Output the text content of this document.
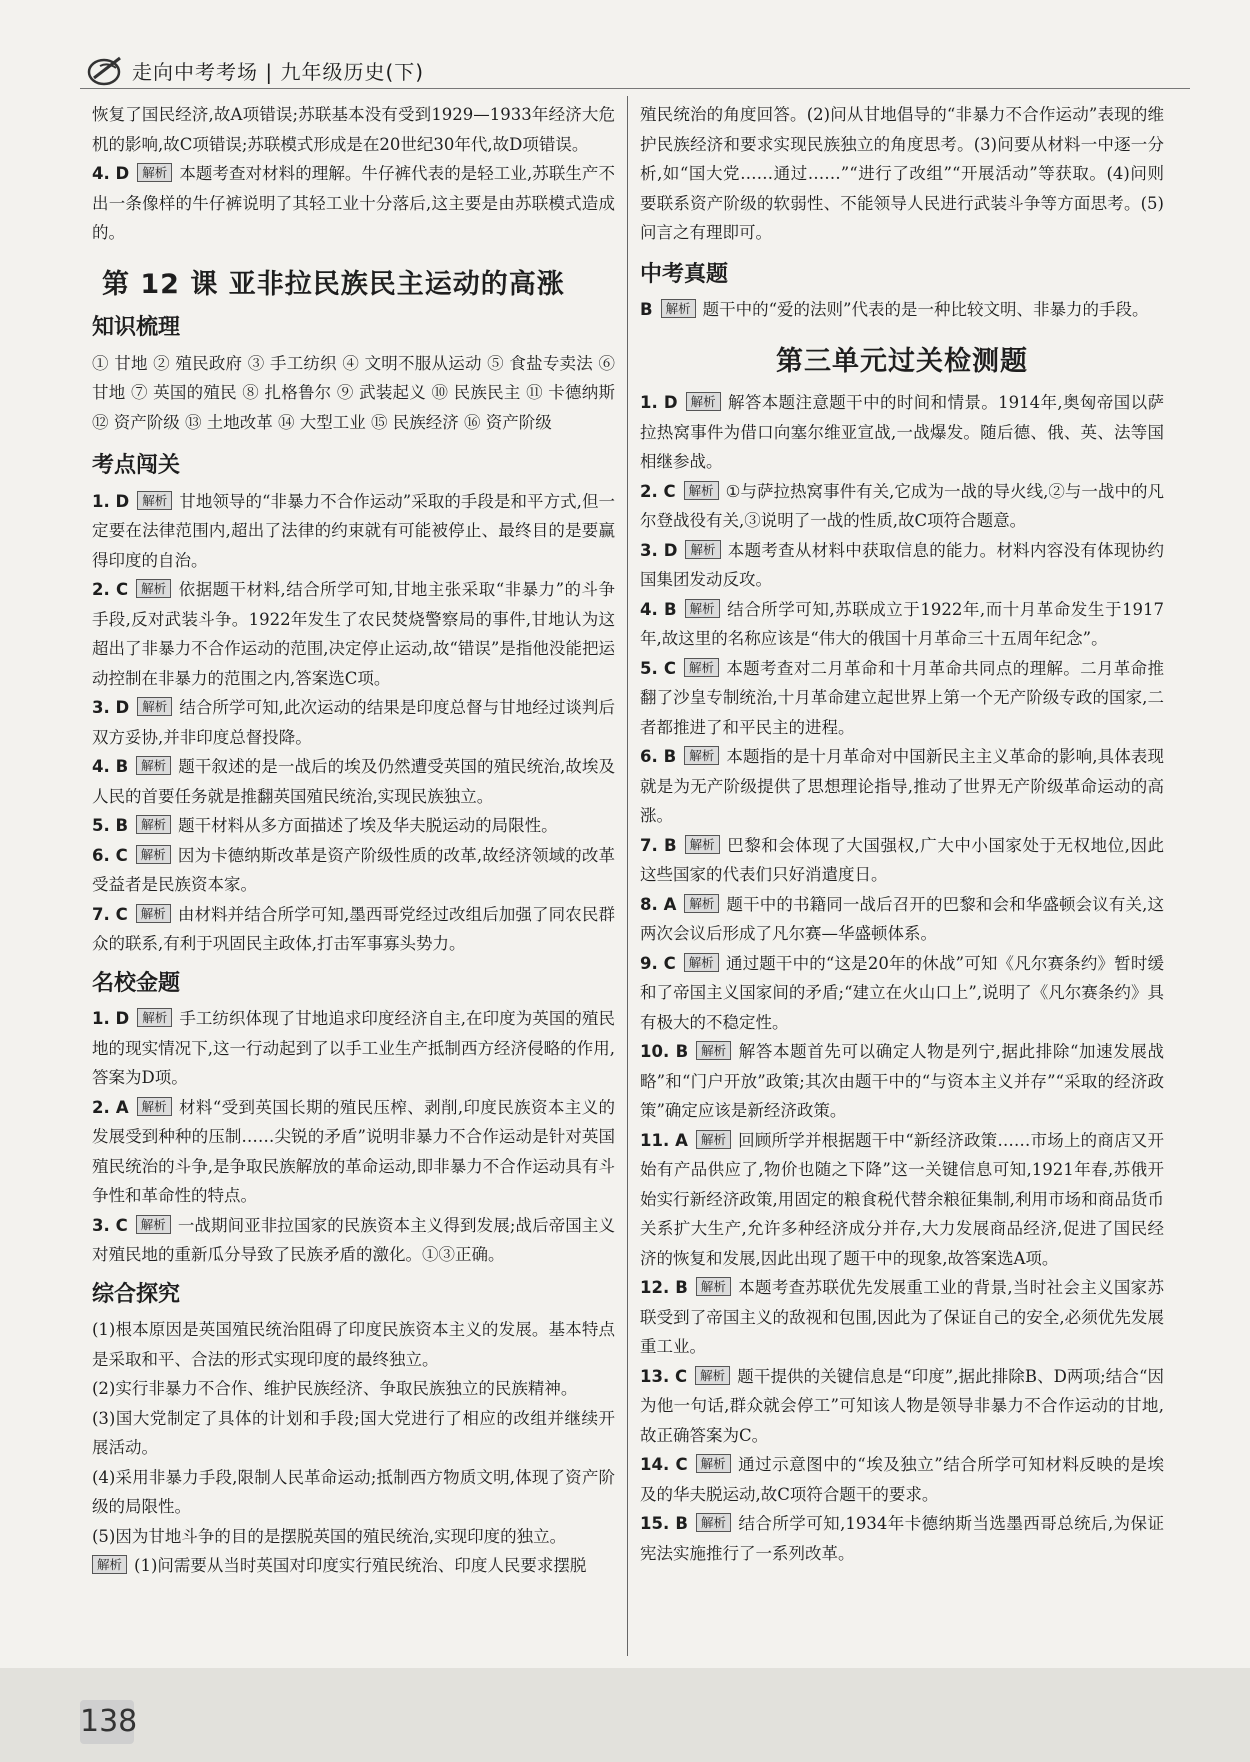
走向中考考场 | 九年级历史(下)

恢复了国民经济,故A项错误;苏联基本没有受到1929—1933年经济大危机的影响,故C项错误;苏联模式形成是在20世纪30年代,故D项错误。

4. D 解析 本题考查对材料的理解。牛仔裤代表的是轻工业,苏联生产不出一条像样的牛仔裤说明了其轻工业十分落后,这主要是由苏联模式造成的。
第 12 课 亚非拉民族民主运动的高涨
知识梳理

① 甘地 ② 殖民政府 ③ 手工纺织 ④ 文明不服从运动 ⑤ 食盐专卖法 ⑥ 甘地 ⑦ 英国的殖民 ⑧ 扎格鲁尔 ⑨ 武装起义 ⑩ 民族民主 ⑪ 卡德纳斯 ⑫ 资产阶级 ⑬ 土地改革 ⑭ 大型工业 ⑮ 民族经济 ⑯ 资产阶级

考点闯关
1. D 解析 甘地领导的“非暴力不合作运动”采取的手段是和平方式,但一定要在法律范围内,超出了法律的约束就有可能被停止、最终目的是要赢得印度的自治。
2. C 解析 依据题干材料,结合所学可知,甘地主张采取“非暴力”的斗争手段,反对武装斗争。1922年发生了农民焚烧警察局的事件,甘地认为这超出了非暴力不合作运动的范围,决定停止运动,故“错误”是指他没能把运动控制在非暴力的范围之内,答案选C项。
3. D 解析 结合所学可知,此次运动的结果是印度总督与甘地经过谈判后双方妥协,并非印度总督投降。
4. B 解析 题干叙述的是一战后的埃及仍然遭受英国的殖民统治,故埃及人民的首要任务就是推翻英国殖民统治,实现民族独立。
5. B 解析 题干材料从多方面描述了埃及华夫脱运动的局限性。
6. C 解析 因为卡德纳斯改革是资产阶级性质的改革,故经济领域的改革受益者是民族资本家。
7. C 解析 由材料并结合所学可知,墨西哥党经过改组后加强了同农民群众的联系,有利于巩固民主政体,打击军事寡头势力。
名校金题
1. D 解析 手工纺织体现了甘地追求印度经济自主,在印度为英国的殖民地的现实情况下,这一行动起到了以手工业生产抵制西方经济侵略的作用,答案为D项。
2. A 解析 材料“受到英国长期的殖民压榨、剥削,印度民族资本主义的发展受到种种的压制……尖锐的矛盾”说明非暴力不合作运动是针对英国殖民统治的斗争,是争取民族解放的革命运动,即非暴力不合作运动具有斗争性和革命性的特点。
3. C 解析 一战期间亚非拉国家的民族资本主义得到发展;战后帝国主义对殖民地的重新瓜分导致了民族矛盾的激化。①③正确。
综合探究

(1)根本原因是英国殖民统治阻碍了印度民族资本主义的发展。基本特点是采取和平、合法的形式实现印度的最终独立。

(2)实行非暴力不合作、维护民族经济、争取民族独立的民族精神。

(3)国大党制定了具体的计划和手段;国大党进行了相应的改组并继续开展活动。

(4)采用非暴力手段,限制人民革命运动;抵制西方物质文明,体现了资产阶级的局限性。

(5)因为甘地斗争的目的是摆脱英国的殖民统治,实现印度的独立。

解析 (1)问需要从当时英国对印度实行殖民统治、印度人民要求摆脱

殖民统治的角度回答。(2)问从甘地倡导的“非暴力不合作运动”表现的维护民族经济和要求实现民族独立的角度思考。(3)问要从材料一中逐一分析,如“国大党……通过……”“进行了改组”“开展活动”等获取。(4)问则要联系资产阶级的软弱性、不能领导人民进行武装斗争等方面思考。(5)问言之有理即可。

中考真题
B 解析 题干中的“爱的法则”代表的是一种比较文明、非暴力的手段。
第三单元过关检测题
1. D 解析 解答本题注意题干中的时间和情景。1914年,奥匈帝国以萨拉热窝事件为借口向塞尔维亚宣战,一战爆发。随后德、俄、英、法等国相继参战。
2. C 解析 ①与萨拉热窝事件有关,它成为一战的导火线,②与一战中的凡尔登战役有关,③说明了一战的性质,故C项符合题意。
3. D 解析 本题考查从材料中获取信息的能力。材料内容没有体现协约国集团发动反攻。
4. B 解析 结合所学可知,苏联成立于1922年,而十月革命发生于1917年,故这里的名称应该是“伟大的俄国十月革命三十五周年纪念”。
5. C 解析 本题考查对二月革命和十月革命共同点的理解。二月革命推翻了沙皇专制统治,十月革命建立起世界上第一个无产阶级专政的国家,二者都推进了和平民主的进程。
6. B 解析 本题指的是十月革命对中国新民主主义革命的影响,具体表现就是为无产阶级提供了思想理论指导,推动了世界无产阶级革命运动的高涨。
7. B 解析 巴黎和会体现了大国强权,广大中小国家处于无权地位,因此这些国家的代表们只好消遣度日。
8. A 解析 题干中的书籍同一战后召开的巴黎和会和华盛顿会议有关,这两次会议后形成了凡尔赛—华盛顿体系。
9. C 解析 通过题干中的“这是20年的休战”可知《凡尔赛条约》暂时缓和了帝国主义国家间的矛盾;“建立在火山口上”,说明了《凡尔赛条约》具有极大的不稳定性。
10. B 解析 解答本题首先可以确定人物是列宁,据此排除“加速发展战略”和“门户开放”政策;其次由题干中的“与资本主义并存”“采取的经济政策”确定应该是新经济政策。
11. A 解析 回顾所学并根据题干中“新经济政策……市场上的商店又开始有产品供应了,物价也随之下降”这一关键信息可知,1921年春,苏俄开始实行新经济政策,用固定的粮食税代替余粮征集制,利用市场和商品货币关系扩大生产,允许多种经济成分并存,大力发展商品经济,促进了国民经济的恢复和发展,因此出现了题干中的现象,故答案选A项。
12. B 解析 本题考查苏联优先发展重工业的背景,当时社会主义国家苏联受到了帝国主义的敌视和包围,因此为了保证自己的安全,必须优先发展重工业。
13. C 解析 题干提供的关键信息是“印度”,据此排除B、D两项;结合“因为他一句话,群众就会停工”可知该人物是领导非暴力不合作运动的甘地,故正确答案为C。
14. C 解析 通过示意图中的“埃及独立”结合所学可知材料反映的是埃及的华夫脱运动,故C项符合题干的要求。
15. B 解析 结合所学可知,1934年卡德纳斯当选墨西哥总统后,为保证宪法实施推行了一系列改革。
138
